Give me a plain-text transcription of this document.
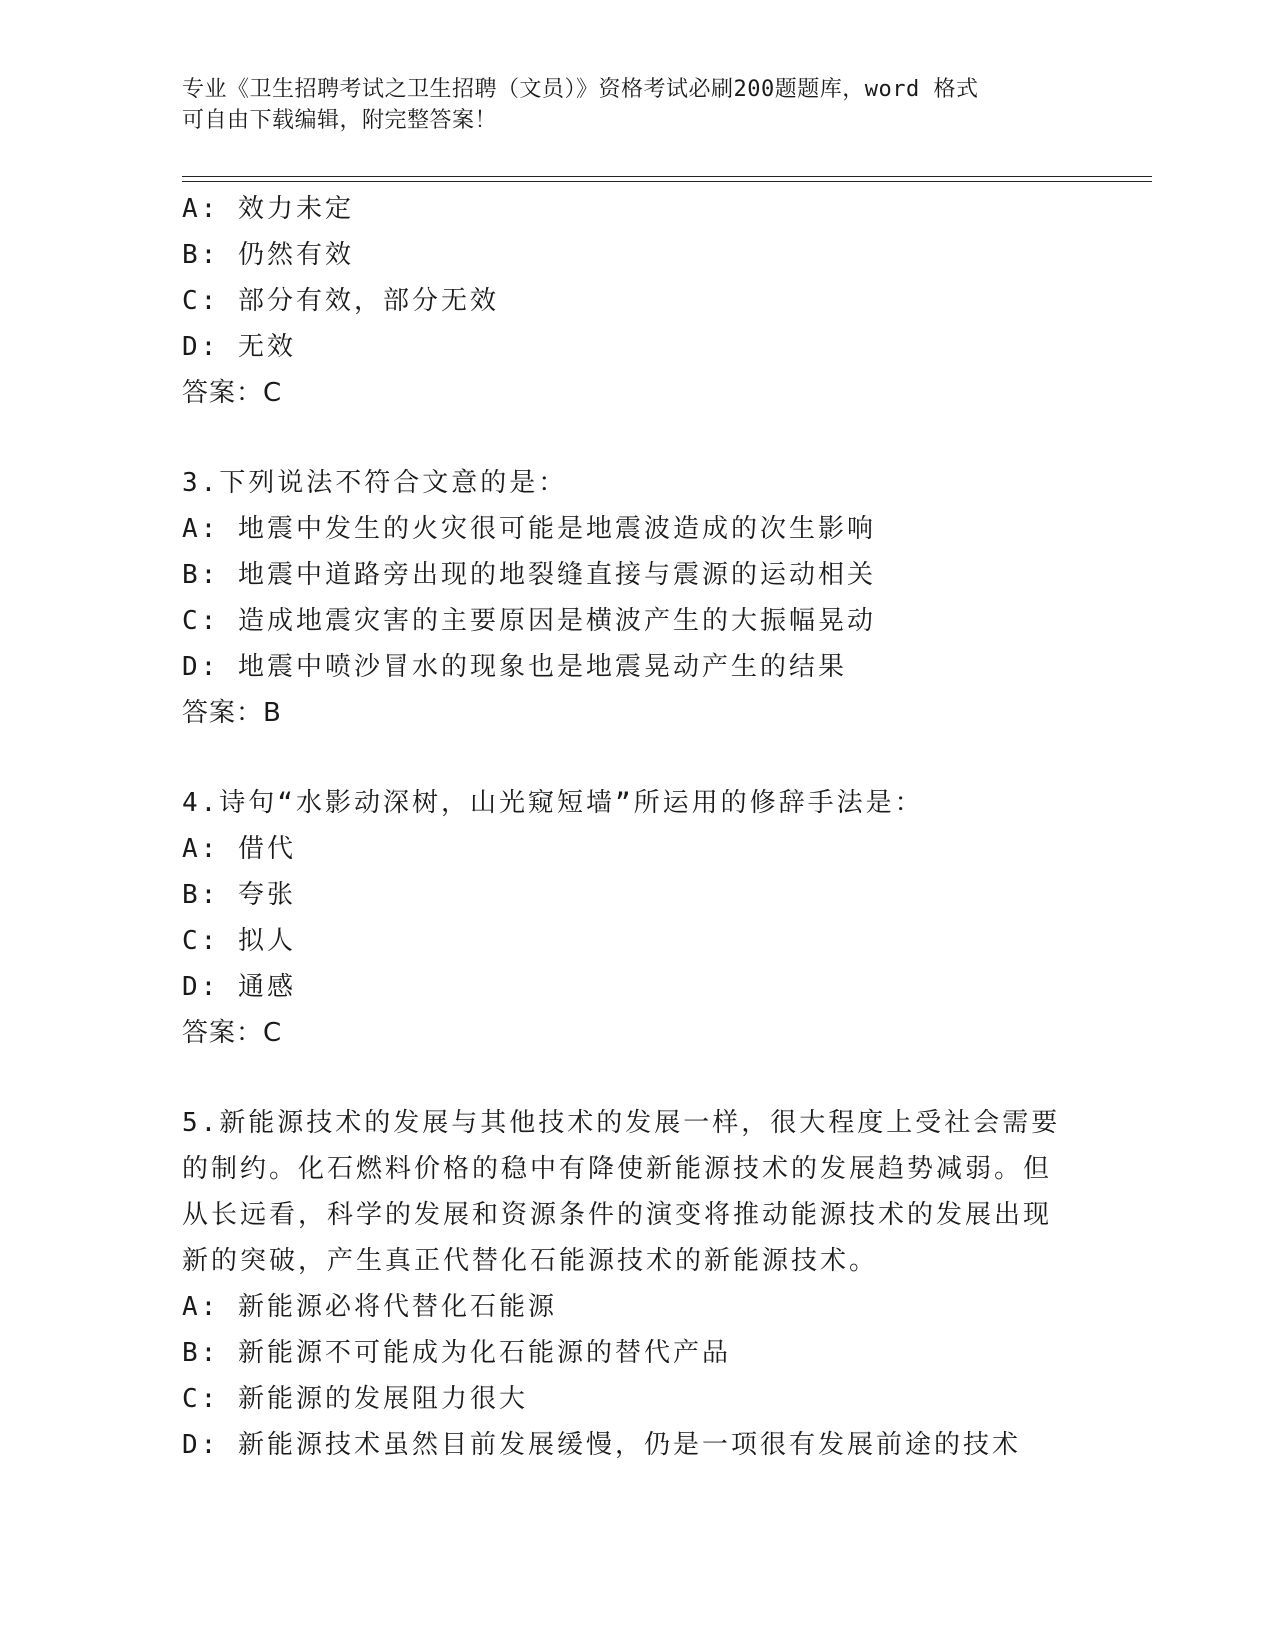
专业《卫生招聘考试之卫生招聘（文员）》资格考试必刷200题题库，word 格式
可自由下载编辑，附完整答案！
A: 效力未定
B: 仍然有效
C: 部分有效，部分无效
D: 无效
答案：C
3.下列说法不符合文意的是：
A: 地震中发生的火灾很可能是地震波造成的次生影响
B: 地震中道路旁出现的地裂缝直接与震源的运动相关
C: 造成地震灾害的主要原因是横波产生的大振幅晃动
D: 地震中喷沙冒水的现象也是地震晃动产生的结果
答案：B
4.诗句“水影动深树，山光窥短墙”所运用的修辞手法是：
A: 借代
B: 夸张
C: 拟人
D: 通感
答案：C
5.新能源技术的发展与其他技术的发展一样，很大程度上受社会需要
的制约。化石燃料价格的稳中有降使新能源技术的发展趋势减弱。但
从长远看，科学的发展和资源条件的演变将推动能源技术的发展出现
新的突破，产生真正代替化石能源技术的新能源技术。
A: 新能源必将代替化石能源
B: 新能源不可能成为化石能源的替代产品
C: 新能源的发展阻力很大
D: 新能源技术虽然目前发展缓慢，仍是一项很有发展前途的技术
